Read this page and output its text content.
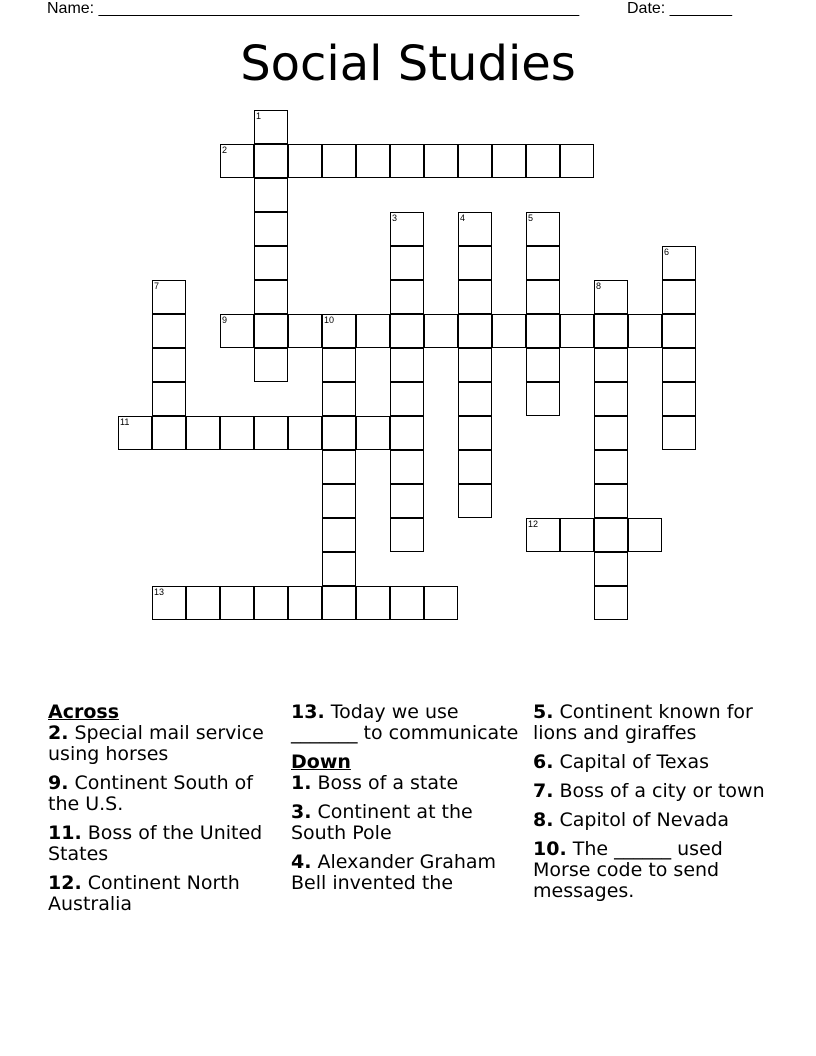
Name: ______________________________________________________	Date: _______
Social Studies
1
2
3	4	5
6
7	8
9	10
11
12
13
Across
2. Special mail service using horses
9. Continent South of the U.S.
11. Boss of the United States
12. Continent North Australia
13. Today we use _______ to communicate
Down
1. Boss of a state
3. Continent at the South Pole
4. Alexander Graham Bell invented the
5. Continent known for lions and giraffes
6. Capital of Texas
7. Boss of a city or town
8. Capitol of Nevada
10. The ______ used Morse code to send messages.
